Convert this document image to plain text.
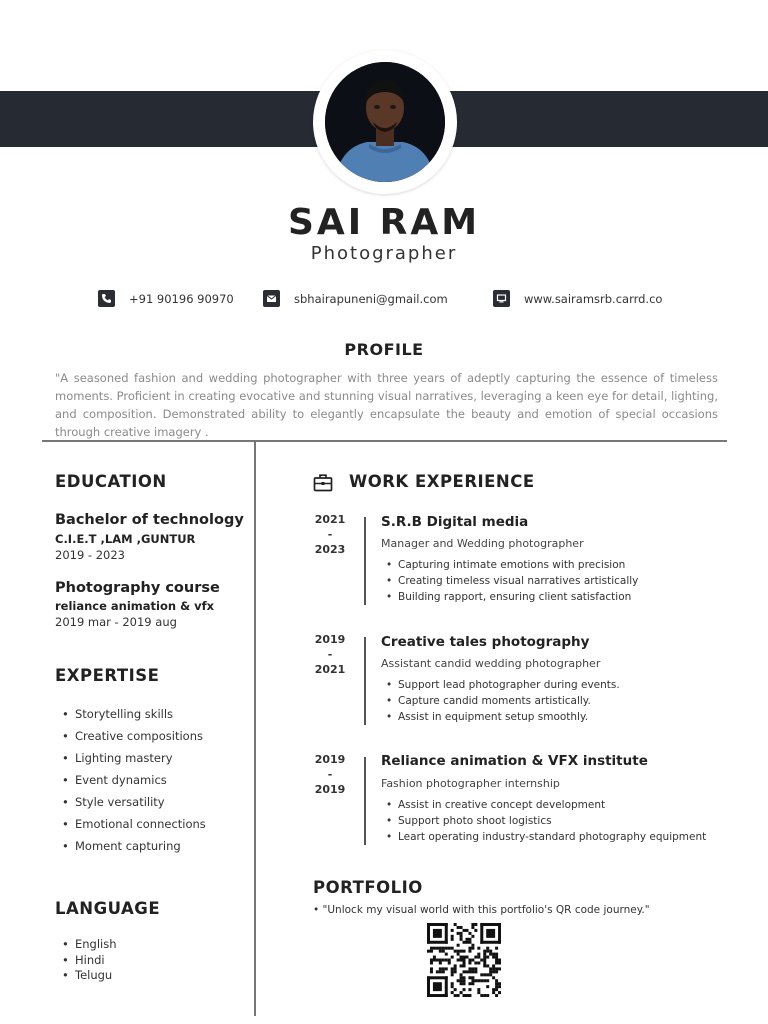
SAI RAM
Photographer
+91 90196 90970	sbhairapuneni@gmail.com	www.sairamsrb.carrd.co
PROFILE
"A seasoned fashion and wedding photographer with three years of adeptly capturing the essence of timeless moments. Proficient in creating evocative and stunning visual narratives, leveraging a keen eye for detail, lighting, and composition. Demonstrated ability to elegantly encapsulate the beauty and emotion of special occasions through creative imagery .
EDUCATION
Bachelor of technology
C.I.E.T ,LAM ,GUNTUR
2019 - 2023
Photography course
reliance animation & vfx
2019 mar - 2019 aug
EXPERTISE
• Storytelling skills
• Creative compositions
• Lighting mastery
• Event dynamics
• Style versatility
• Emotional connections
• Moment capturing
LANGUAGE
• English
• Hindi
• Telugu
WORK EXPERIENCE
2021
-
2023
S.R.B Digital media
Manager and Wedding photographer
• Capturing intimate emotions with precision
• Creating timeless visual narratives artistically
• Building rapport, ensuring client satisfaction
2019
-
2021
Creative tales photography
Assistant candid wedding photographer
• Support lead photographer during events.
• Capture candid moments artistically.
• Assist in equipment setup smoothly.
2019
-
2019
Reliance animation & VFX institute
Fashion photographer internship
• Assist in creative concept development
• Support photo shoot logistics
• Leart operating industry-standard photography equipment
PORTFOLIO
• "Unlock my visual world with this portfolio's QR code journey."
